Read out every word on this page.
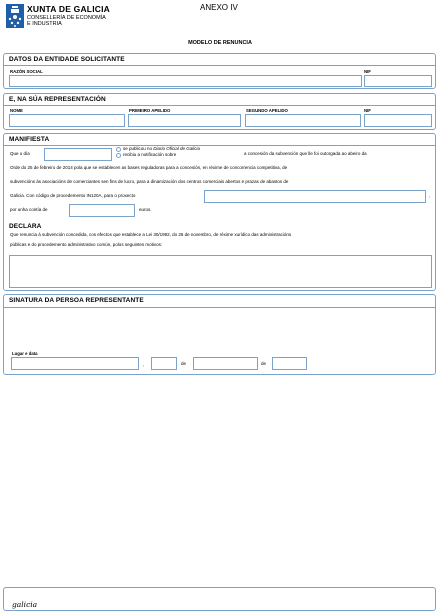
XUNTA DE GALICIA
CONSELLERÍA DE ECONOMÍA
E INDUSTRIA
ANEXO IV
MODELO DE RENUNCIA
DATOS DA ENTIDADE SOLICITANTE
RAZÓN SOCIAL	NIF
E, NA SÚA REPRESENTACIÓN
NOME	PRIMEIRO APELIDO	SEGUNDO APELIDO	NIF
MANIFIESTA
Que o día
se publicou no Diario Oficial de Galicia
recibiu a notificación sobre	a concesión da subvención que lle foi outorgada ao abeiro da
Orde do 25 de febreiro de 2014 pola que se establecen as bases reguladoras para a concesión, en réxime de concorrencia competitiva, de
subvencións ás asociacións de comerciantes sen fins de lucro, para a dinamización dos centros comerciais abertos e prazas de abastos de
Galicia. Con código de procedemento IN120A, para o proxecto	,
por unha contía de	euros.
DECLARA
Que renuncia á subvención concedida, cos efectos que establece a Lei 30/1992, do 26 de novembro, de réxime xurídico das administracións
públicas e do procedemento administrativo común, polos seguintes motivos:
SINATURA DA PERSOA REPRESENTANTE
Lugar e data
,	de	de
galicia
